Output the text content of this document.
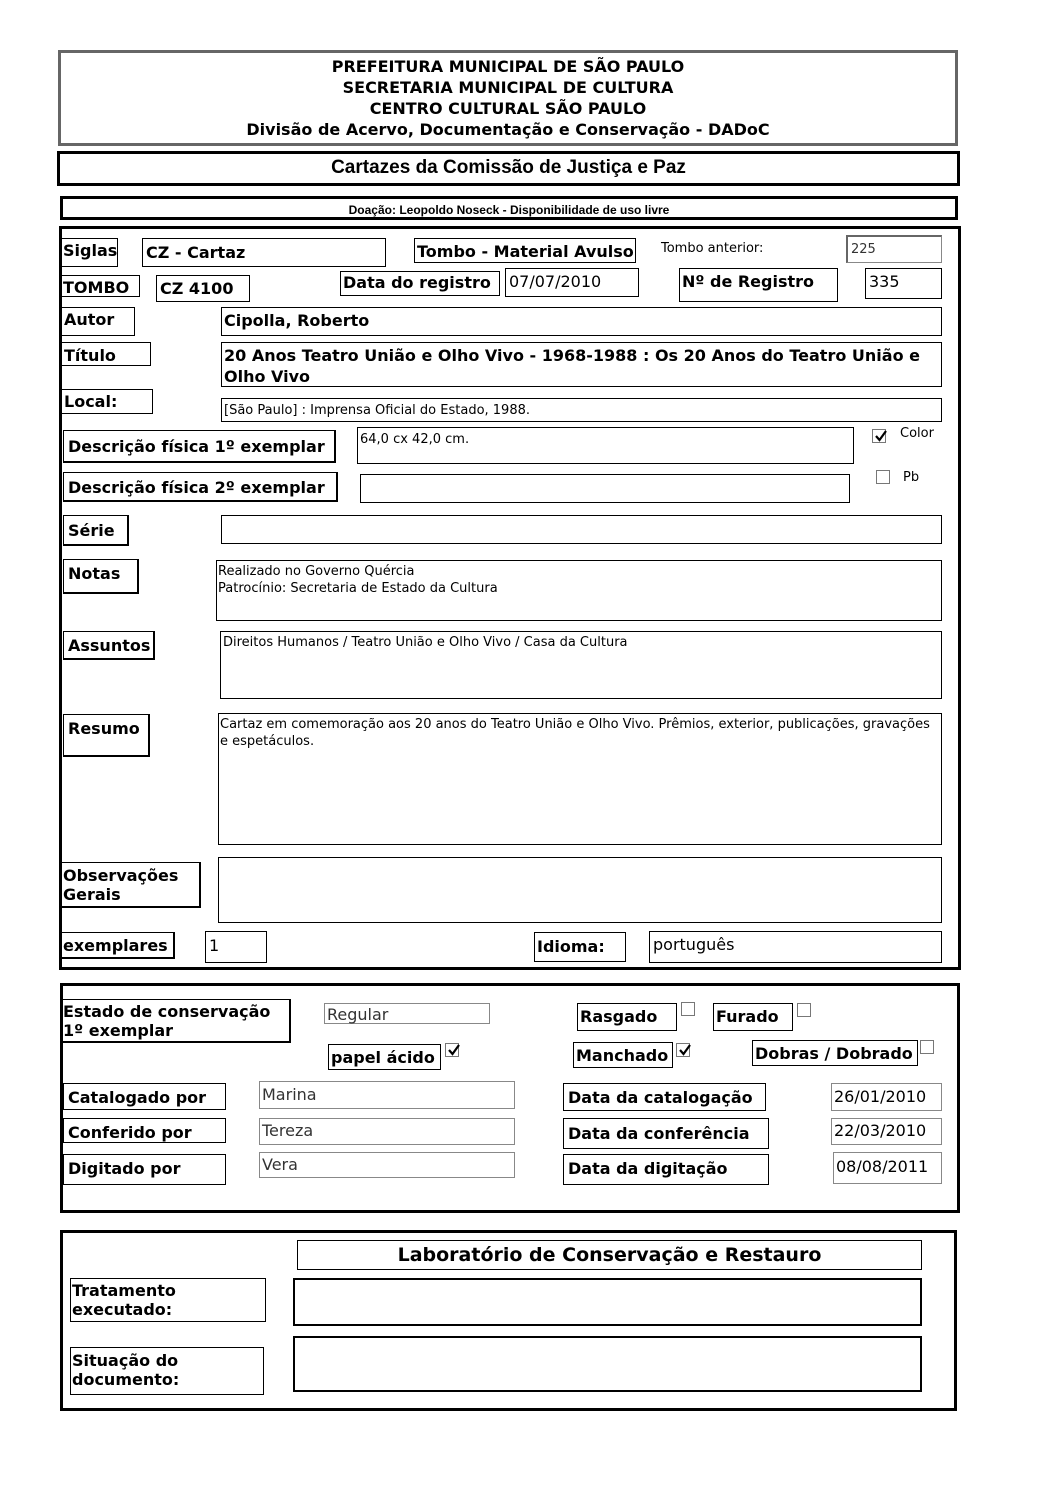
PREFEITURA MUNICIPAL DE SÃO PAULO
SECRETARIA MUNICIPAL DE CULTURA
CENTRO CULTURAL SÃO PAULO
Divisão de Acervo, Documentação e Conservação - DADoC
Cartazes da Comissão de Justiça e Paz
Doação: Leopoldo Noseck - Disponibilidade de uso livre
Siglas CZ - Cartaz	Tombo - Material Avulso Tombo anterior:	225
TOMBO	CZ 4100	Data do registro	07/07/2010	Nº de Registro	335
Autor	Cipolla, Roberto
Título	20 Anos Teatro União e Olho Vivo - 1968-1988 : Os 20 Anos do Teatro União e Olho Vivo
Local:	[São Paulo] : Imprensa Oficial do Estado, 1988.
Descrição física 1º exemplar	64,0 cx 42,0 cm.	Color
Descrição física 2º exemplar
Pb
Série
Notas	Realizado no Governo Quércia
Patrocínio: Secretaria de Estado da Cultura
Assuntos	Direitos Humanos / Teatro União e Olho Vivo / Casa da Cultura
Resumo	Cartaz em comemoração aos 20 anos do Teatro União e Olho Vivo. Prêmios, exterior, publicações, gravações e espetáculos.
Observações
Gerais
exemplares	1	Idioma:	português
Estado de conservação
1º exemplar
Regular	Rasgado	Furado
papel ácido	Manchado	Dobras / Dobrado
Catalogado por	Marina	Data da catalogação	26/01/2010
Conferido por	Tereza	Data da conferência	22/03/2010
Digitado por	Vera	Data da digitação	08/08/2011
Laboratório de Conservação e Restauro
Tratamento
executado:
Situação do
documento:
